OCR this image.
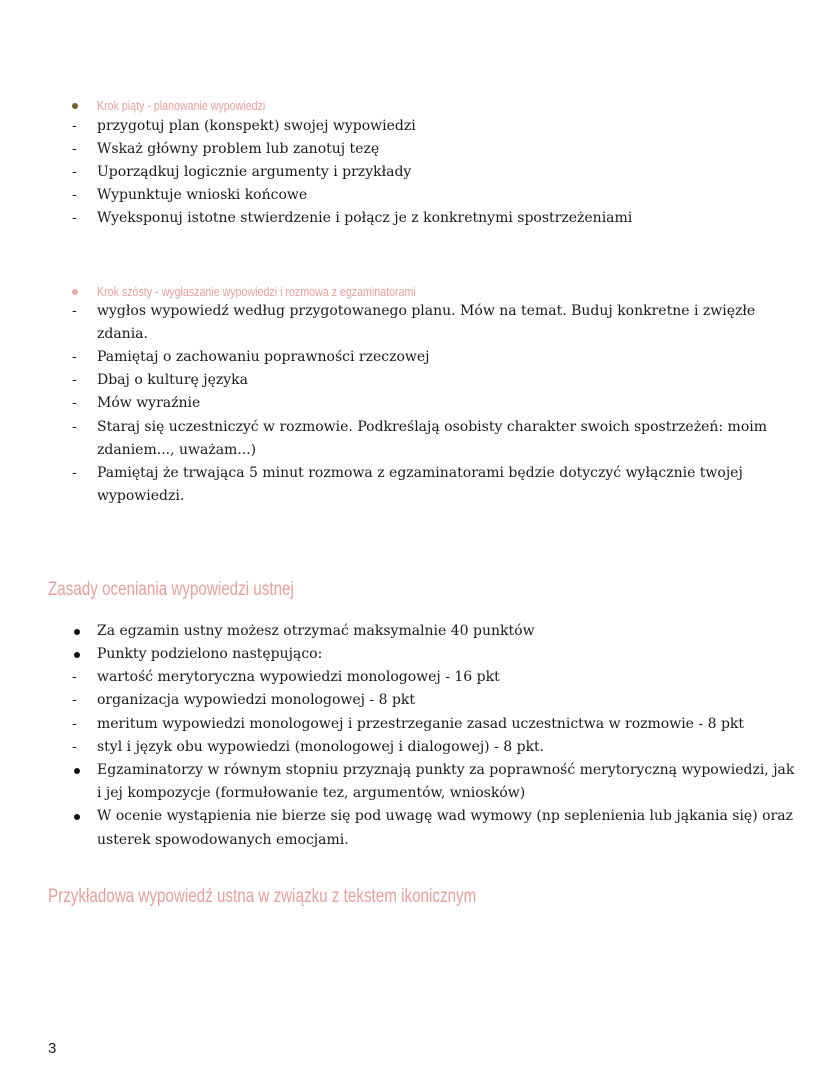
Krok piąty - planowanie wypowiedzi
- przygotuj plan (konspekt) swojej wypowiedzi
- Wskaż główny problem lub zanotuj tezę
- Uporządkuj logicznie argumenty i przykłady
- Wypunktuje wnioski końcowe
- Wyeksponuj istotne stwierdzenie i połącz je z konkretnymi spostrzeżeniami
Krok szósty - wygłaszanie wypowiedzi i rozmowa z egzaminatorami
- wygłos wypowiedź według przygotowanego planu. Mów na temat. Buduj konkretne i zwięzłe
zdania.
- Pamiętaj o zachowaniu poprawności rzeczowej
- Dbaj o kulturę języka
- Mów wyraźnie
- Staraj się uczestniczyć w rozmowie. Podkreślają osobisty charakter swoich spostrzeżeń: moim
zdaniem..., uważam...)
- Pamiętaj że trwająca 5 minut rozmowa z egzaminatorami będzie dotyczyć wyłącznie twojej
wypowiedzi.
Zasady oceniania wypowiedzi ustnej
Za egzamin ustny możesz otrzymać maksymalnie 40 punktów
Punkty podzielono następująco:
- wartość merytoryczna wypowiedzi monologowej - 16 pkt
- organizacja wypowiedzi monologowej - 8 pkt
- meritum wypowiedzi monologowej i przestrzeganie zasad uczestnictwa w rozmowie - 8 pkt
- styl i język obu wypowiedzi (monologowej i dialogowej) - 8 pkt.
Egzaminatorzy w równym stopniu przyznają punkty za poprawność merytoryczną wypowiedzi, jak
i jej kompozycje (formułowanie tez, argumentów, wniosków)
W ocenie wystąpienia nie bierze się pod uwagę wad wymowy (np seplenienia lub jąkania się) oraz
usterek spowodowanych emocjami.
Przykładowa wypowiedź ustna w związku z tekstem ikonicznym
3
